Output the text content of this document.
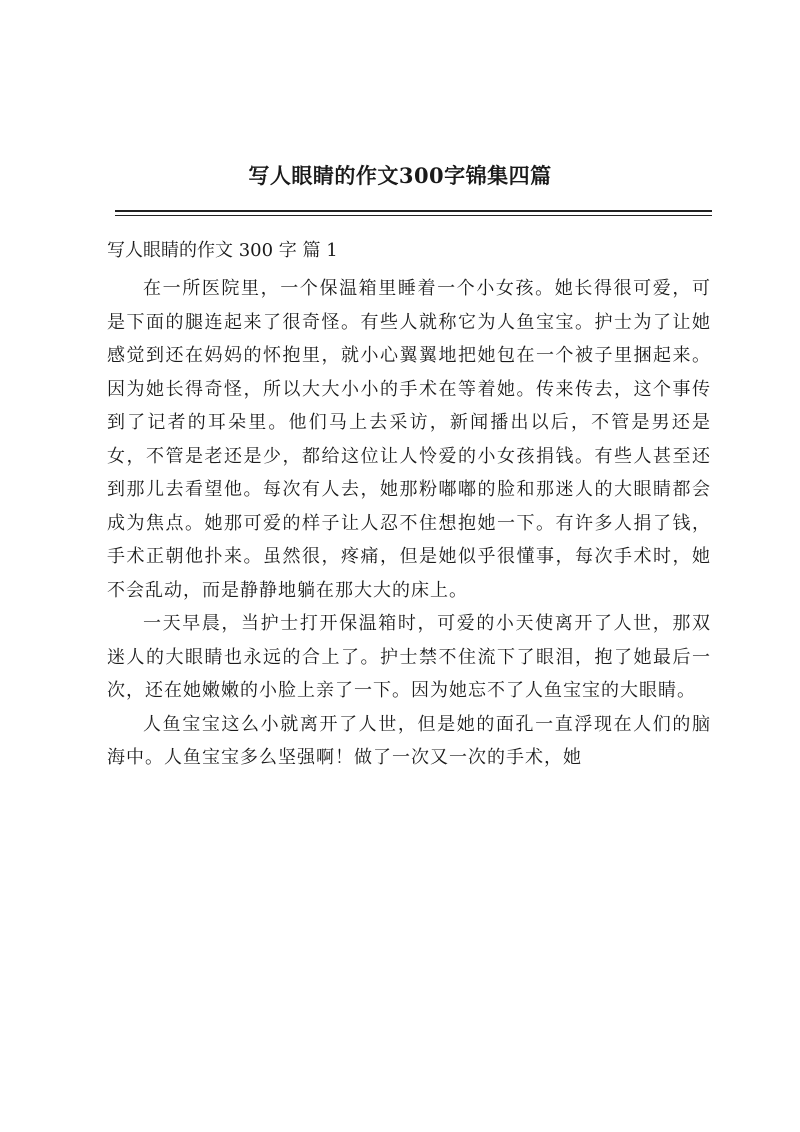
写人眼睛的作文300字锦集四篇
写人眼睛的作文 300 字 篇 1

在一所医院里，一个保温箱里睡着一个小女孩。她长得很可爱，可是下面的腿连起来了很奇怪。有些人就称它为人鱼宝宝。护士为了让她感觉到还在妈妈的怀抱里，就小心翼翼地把她包在一个被子里捆起来。因为她长得奇怪，所以大大小小的手术在等着她。传来传去，这个事传到了记者的耳朵里。他们马上去采访，新闻播出以后，不管是男还是女，不管是老还是少，都给这位让人怜爱的小女孩捐钱。有些人甚至还到那儿去看望他。每次有人去，她那粉嘟嘟的脸和那迷人的大眼睛都会成为焦点。她那可爱的样子让人忍不住想抱她一下。有许多人捐了钱，手术正朝他扑来。虽然很，疼痛，但是她似乎很懂事，每次手术时，她不会乱动，而是静静地躺在那大大的床上。

一天早晨，当护士打开保温箱时，可爱的小天使离开了人世，那双迷人的大眼睛也永远的合上了。护士禁不住流下了眼泪，抱了她最后一次，还在她嫩嫩的小脸上亲了一下。因为她忘不了人鱼宝宝的大眼睛。

人鱼宝宝这么小就离开了人世，但是她的面孔一直浮现在人们的脑海中。人鱼宝宝多么坚强啊！做了一次又一次的手术，她
